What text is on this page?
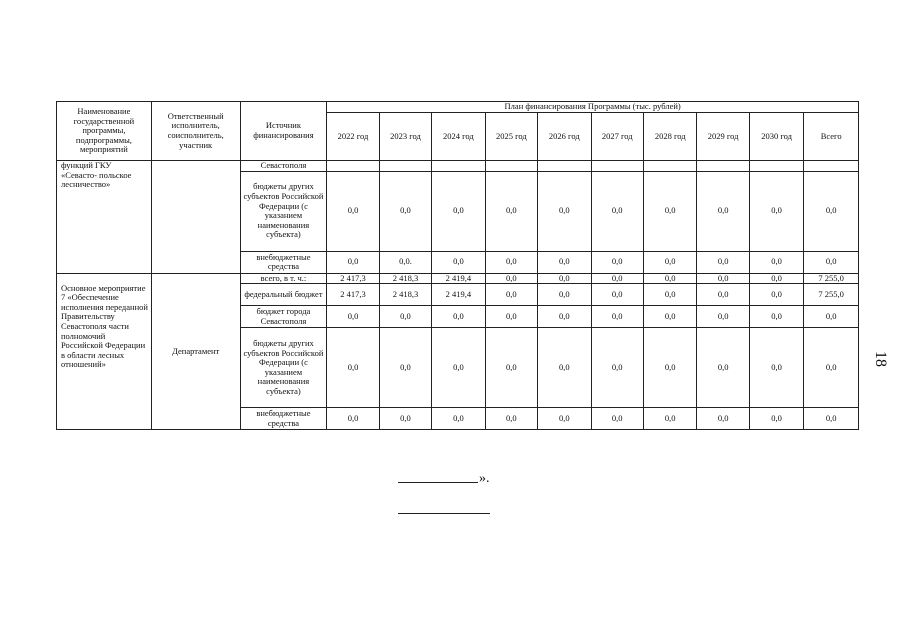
Наименование государственной программы, подпрограммы, мероприятий	Ответственный исполнитель, соисполнитель, участник	Источник финансирования	План финансирования Программы (тыс. рублей)									
			2022 год	2023 год	2024 год	2025 год	2026 год	2027 год	2028 год	2029 год	2030 год	Всего
функций ГКУ «Севасто- польское лесничество»		Севастополя										
		бюджеты других субъектов Российской Федерации (с указанием наименования субъекта)	0,0	0,0	0,0	0,0	0,0	0,0	0,0	0,0	0,0	0,0
		внебюджетные средства	0,0	0,0.	0,0	0,0	0,0	0,0	0,0	0,0	0,0	0,0
Основное мероприятие 7 «Обеспечение исполнения переданной Правительству Севастополя части полномочий Российской Федерации в области лесных отношений»	Департамент	всего, в т. ч.:	2 417,3	2 418,3	2 419,4	0,0	0,0	0,0	0,0	0,0	0,0	7 255,0
		федеральный бюджет	2 417,3	2 418,3	2 419,4	0,0	0,0	0,0	0,0	0,0	0,0	7 255,0
		бюджет города Севастополя	0,0	0,0	0,0	0,0	0,0	0,0	0,0	0,0	0,0	0,0
		бюджеты других субъектов Российской Федерации (с указанием наименования субъекта)	0,0	0,0	0,0	0,0	0,0	0,0	0,0	0,0	0,0	0,0
		внебюджетные средства	0,0	0,0	0,0	0,0	0,0	0,0	0,0	0,0	0,0	0,0
».
18
